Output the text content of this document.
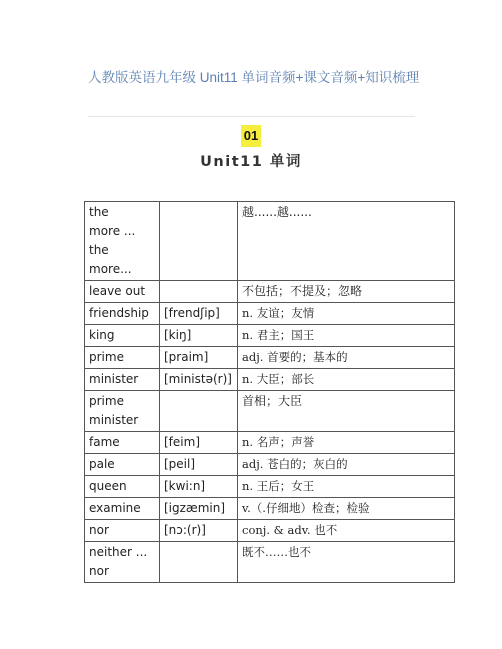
人教版英语九年级 Unit11 单词音频+课文音频+知识梳理
01
Unit11 单词
the more ... the more...		越......越......
leave out		不包括；不提及；忽略
friendship	[frendʃip]	n. 友谊；友情
king	[kiŋ]	n. 君主；国王
prime	[praim]	adj. 首要的；基本的
minister	[ministə(r)]	n. 大臣；部长
prime minister		首相；大臣
fame	[feim]	n. 名声；声誉
pale	[peil]	adj. 苍白的；灰白的
queen	[kwi:n]	n. 王后；女王
examine	[igzæmin]	v.（.仔细地）检查；检验
nor	[nɔ:(r)]	conj. & adv. 也不
neither ... nor		既不……也不
